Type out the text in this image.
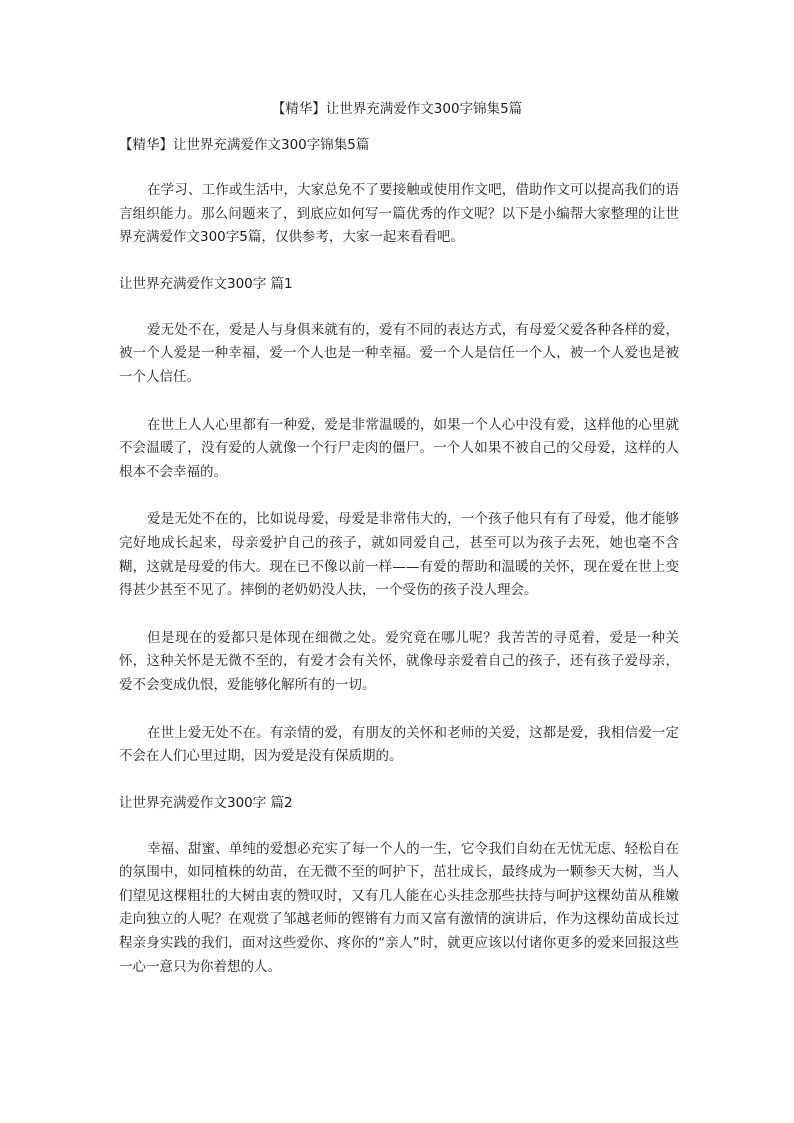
【精华】让世界充满爱作文300字锦集5篇
【精华】让世界充满爱作文300字锦集5篇

在学习、工作或生活中，大家总免不了要接触或使用作文吧，借助作文可以提高我们的语言组织能力。那么问题来了，到底应如何写一篇优秀的作文呢？以下是小编帮大家整理的让世界充满爱作文300字5篇，仅供参考，大家一起来看看吧。

让世界充满爱作文300字 篇1

爱无处不在，爱是人与身俱来就有的，爱有不同的表达方式，有母爱父爱各种各样的爱，被一个人爱是一种幸福，爱一个人也是一种幸福。爱一个人是信任一个人，被一个人爱也是被一个人信任。

在世上人人心里都有一种爱，爱是非常温暖的，如果一个人心中没有爱，这样他的心里就不会温暖了，没有爱的人就像一个行尸走肉的僵尸。一个人如果不被自己的父母爱，这样的人根本不会幸福的。

爱是无处不在的，比如说母爱，母爱是非常伟大的，一个孩子他只有有了母爱，他才能够完好地成长起来，母亲爱护自己的孩子，就如同爱自己，甚至可以为孩子去死，她也毫不含糊，这就是母爱的伟大。现在已不像以前一样——有爱的帮助和温暖的关怀，现在爱在世上变得甚少甚至不见了。摔倒的老奶奶没人扶，一个受伤的孩子没人理会。

但是现在的爱都只是体现在细微之处。爱究竟在哪儿呢？我苦苦的寻觅着，爱是一种关怀，这种关怀是无微不至的，有爱才会有关怀，就像母亲爱着自己的孩子，还有孩子爱母亲，爱不会变成仇恨，爱能够化解所有的一切。

在世上爱无处不在。有亲情的爱，有朋友的关怀和老师的关爱，这都是爱，我相信爱一定不会在人们心里过期，因为爱是没有保质期的。

让世界充满爱作文300字 篇2

幸福、甜蜜、单纯的爱想必充实了每一个人的一生，它令我们自幼在无忧无虑、轻松自在的氛围中，如同植株的幼苗，在无微不至的呵护下，茁壮成长，最终成为一颗参天大树，当人们望见这棵粗壮的大树由衷的赞叹时，又有几人能在心头挂念那些扶持与呵护这棵幼苗从稚嫩走向独立的人呢？在观赏了邹越老师的铿锵有力而又富有激情的演讲后，作为这棵幼苗成长过程亲身实践的我们，面对这些爱你、疼你的“亲人”时，就更应该以付诸你更多的爱来回报这些一心一意只为你着想的人。
